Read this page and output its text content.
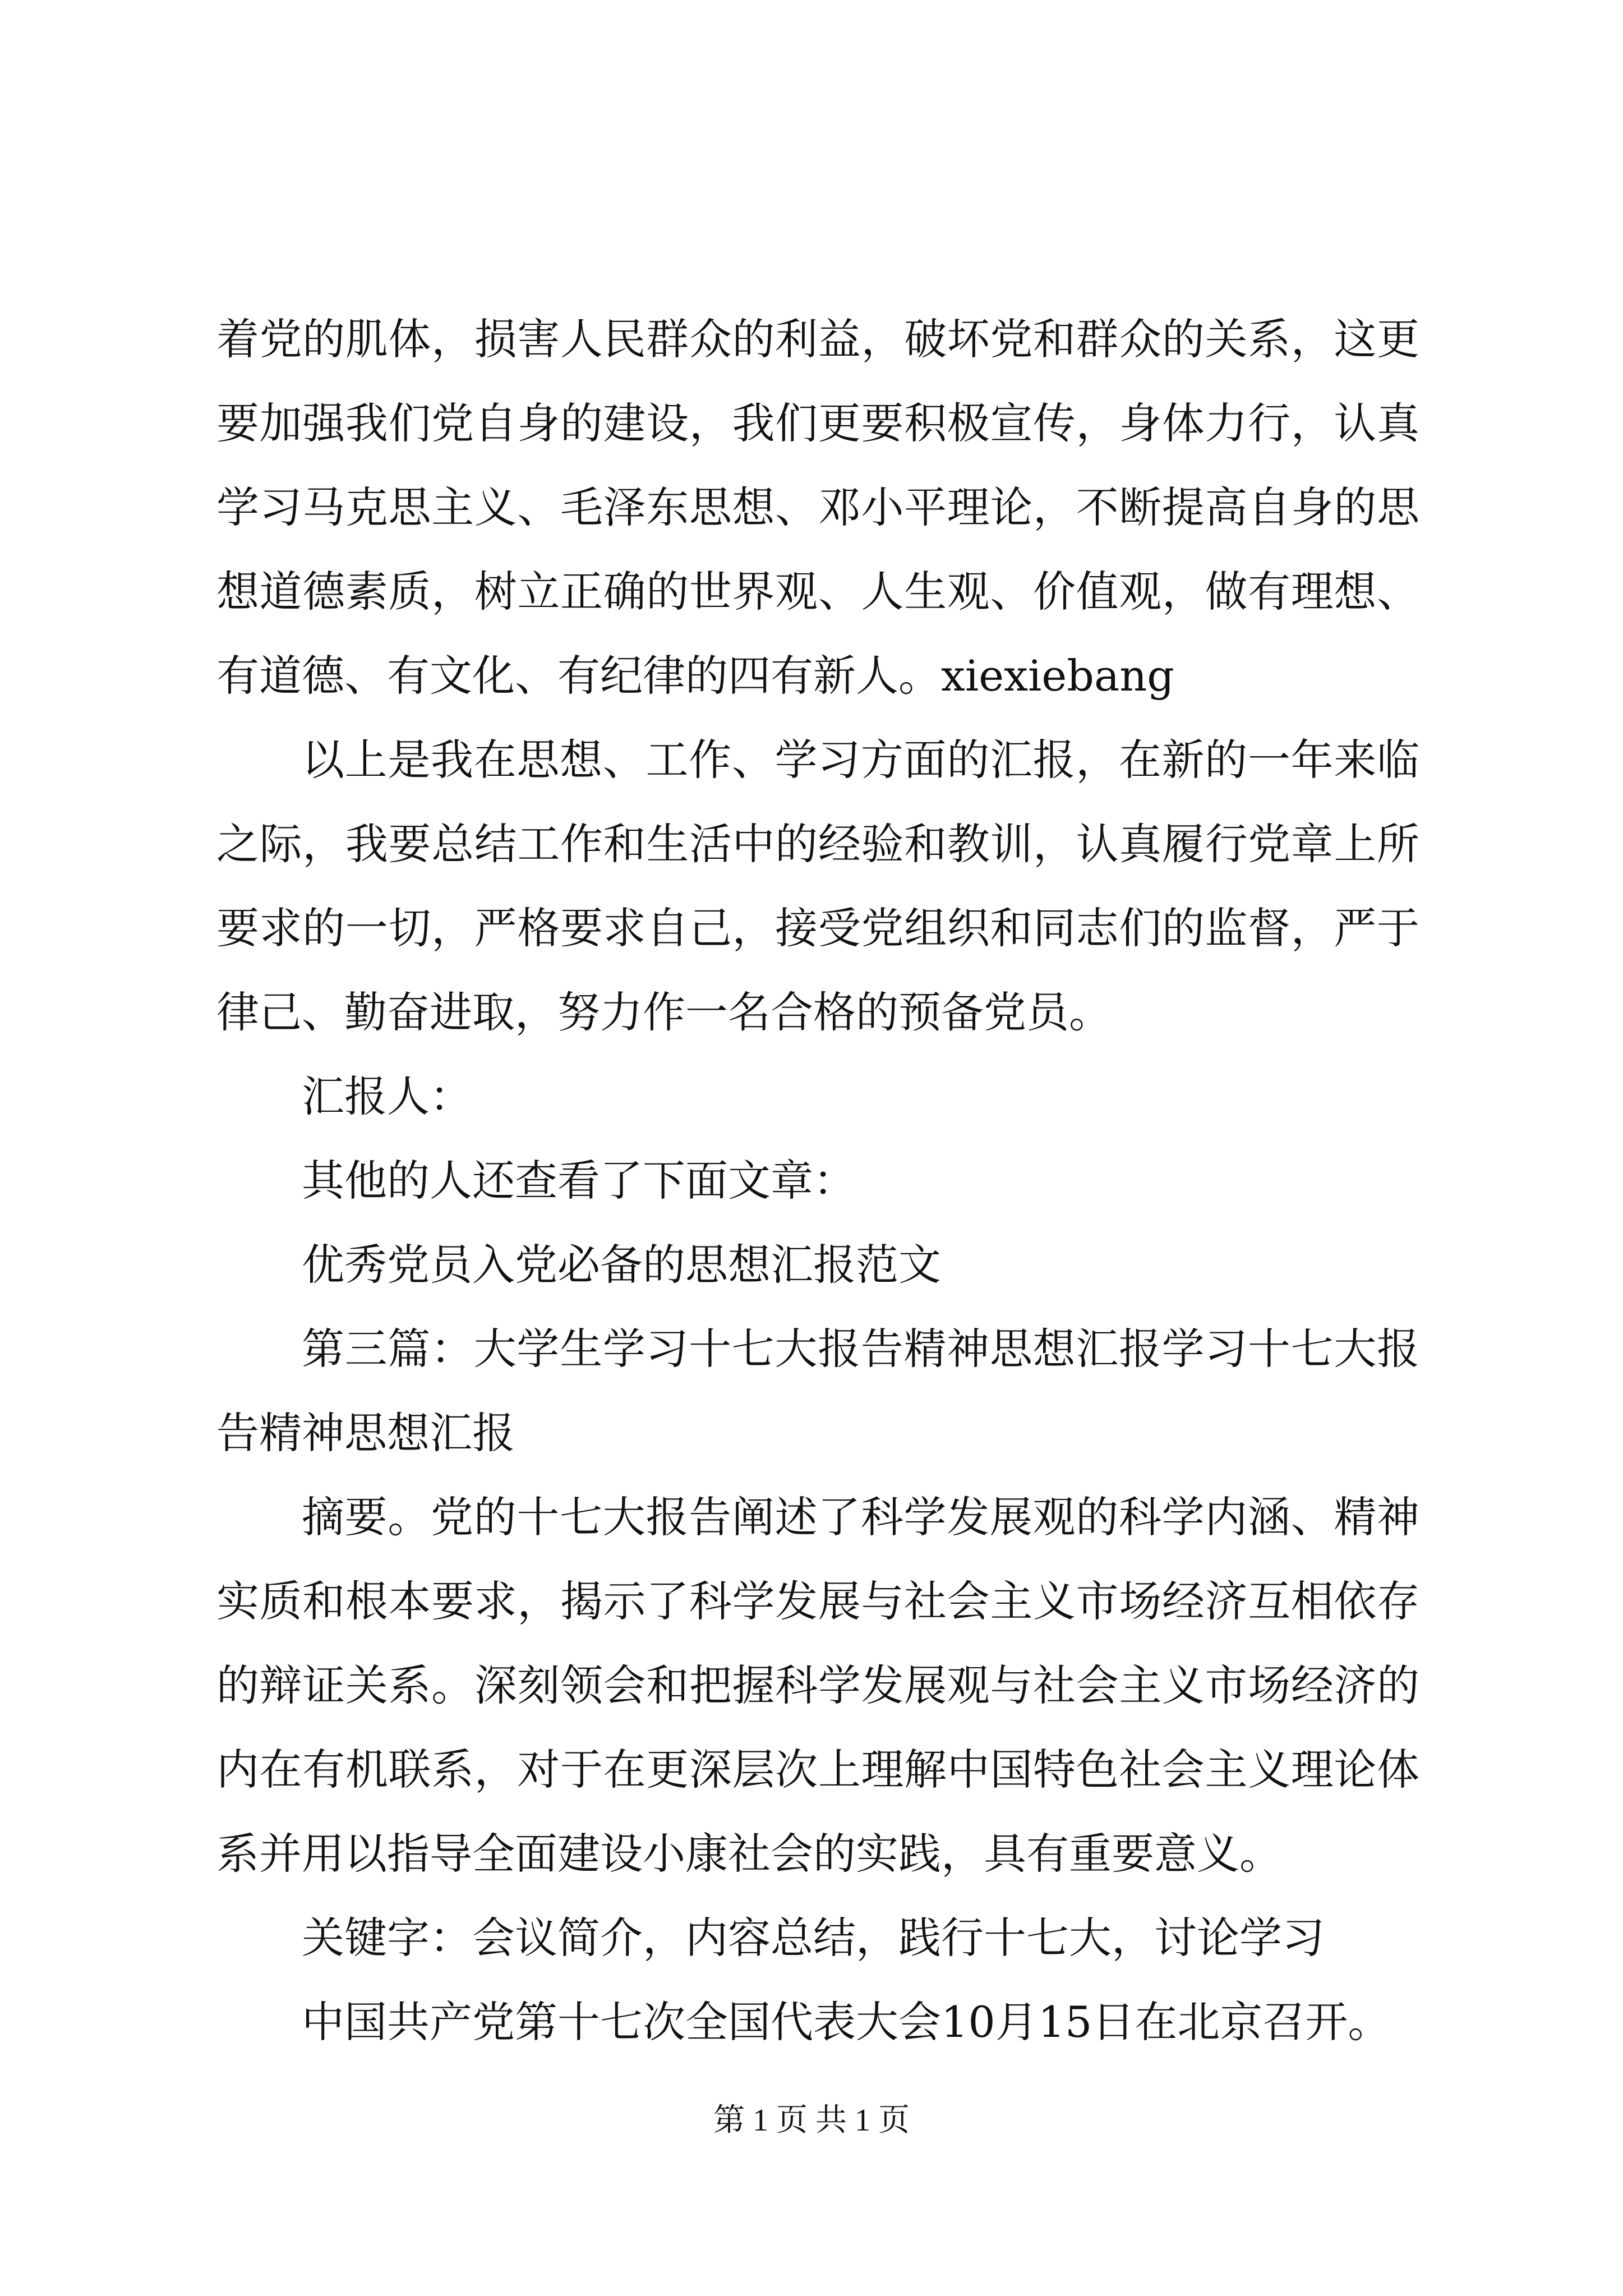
着党的肌体，损害人民群众的利益，破坏党和群众的关系，这更要加强我们党自身的建设，我们更要积极宣传，身体力行，认真学习马克思主义、毛泽东思想、邓小平理论，不断提高自身的思想道德素质，树立正确的世界观、人生观、价值观，做有理想、有道德、有文化、有纪律的四有新人。xiexiebang

以上是我在思想、工作、学习方面的汇报，在新的一年来临之际，我要总结工作和生活中的经验和教训，认真履行党章上所要求的一切，严格要求自己，接受党组织和同志们的监督，严于律己、勤奋进取，努力作一名合格的预备党员。

汇报人：

其他的人还查看了下面文章：

优秀党员入党必备的思想汇报范文

第三篇：大学生学习十七大报告精神思想汇报学习十七大报告精神思想汇报

摘要。党的十七大报告阐述了科学发展观的科学内涵、精神实质和根本要求，揭示了科学发展与社会主义市场经济互相依存的辩证关系。深刻领会和把握科学发展观与社会主义市场经济的内在有机联系，对于在更深层次上理解中国特色社会主义理论体系并用以指导全面建设小康社会的实践，具有重要意义。

关键字：会议简介，内容总结，践行十七大，讨论学习

中国共产党第十七次全国代表大会10月15日在北京召开。

第 1 页 共 1 页
